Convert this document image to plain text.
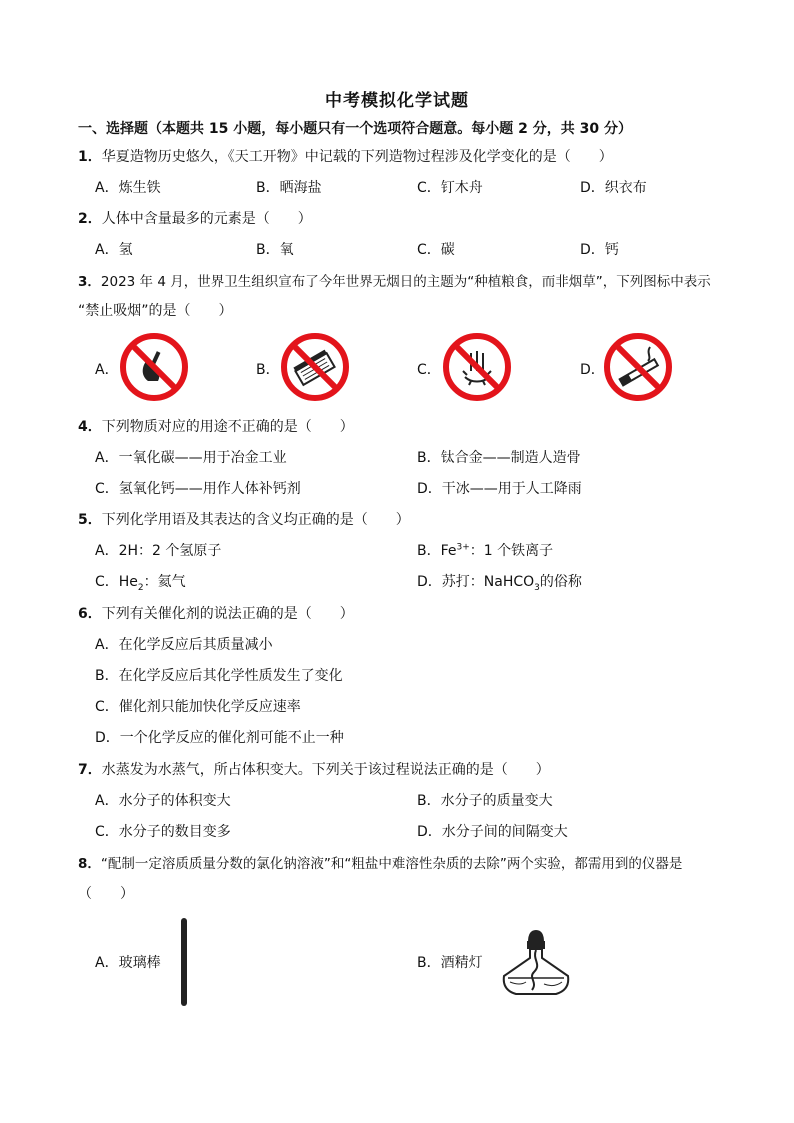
中考模拟化学试题
一、选择题（本题共 15 小题，每小题只有一个选项符合题意。每小题 2 分，共 30 分）
1．华夏造物历史悠久，《天工开物》中记载的下列造物过程涉及化学变化的是（　　）
A．炼生铁	B．晒海盐	C．钉木舟	D．织衣布
2．人体中含量最多的元素是（　　）
A．氢	B．氧	C．碳	D．钙
3．2023 年 4 月，世界卫生组织宣布了今年世界无烟日的主题为“种植粮食，而非烟草”，下列图标中表示
“禁止吸烟”的是（　　）
A．	B．	C．	D．
4．下列物质对应的用途不正确的是（　　）
A．一氧化碳——用于冶金工业	B．钛合金——制造人造骨
C．氢氧化钙——用作人体补钙剂	D．干冰——用于人工降雨
5．下列化学用语及其表达的含义均正确的是（　　）
A．2H：2 个氢原子	B．$Fe^{3+}$：1 个铁离子
C．$He_2$：氦气	D．苏打：NaHCO$_3$的俗称
6．下列有关催化剂的说法正确的是（　　）
A．在化学反应后其质量减小
B．在化学反应后其化学性质发生了变化
C．催化剂只能加快化学反应速率
D．一个化学反应的催化剂可能不止一种
7．水蒸发为水蒸气，所占体积变大。下列关于该过程说法正确的是（　　）
A．水分子的体积变大	B．水分子的质量变大
C．水分子的数目变多	D．水分子间的间隔变大
8．“配制一定溶质质量分数的氯化钠溶液”和“粗盐中难溶性杂质的去除”两个实验，都需用到的仪器是
（　　）
A．玻璃棒	B．酒精灯
